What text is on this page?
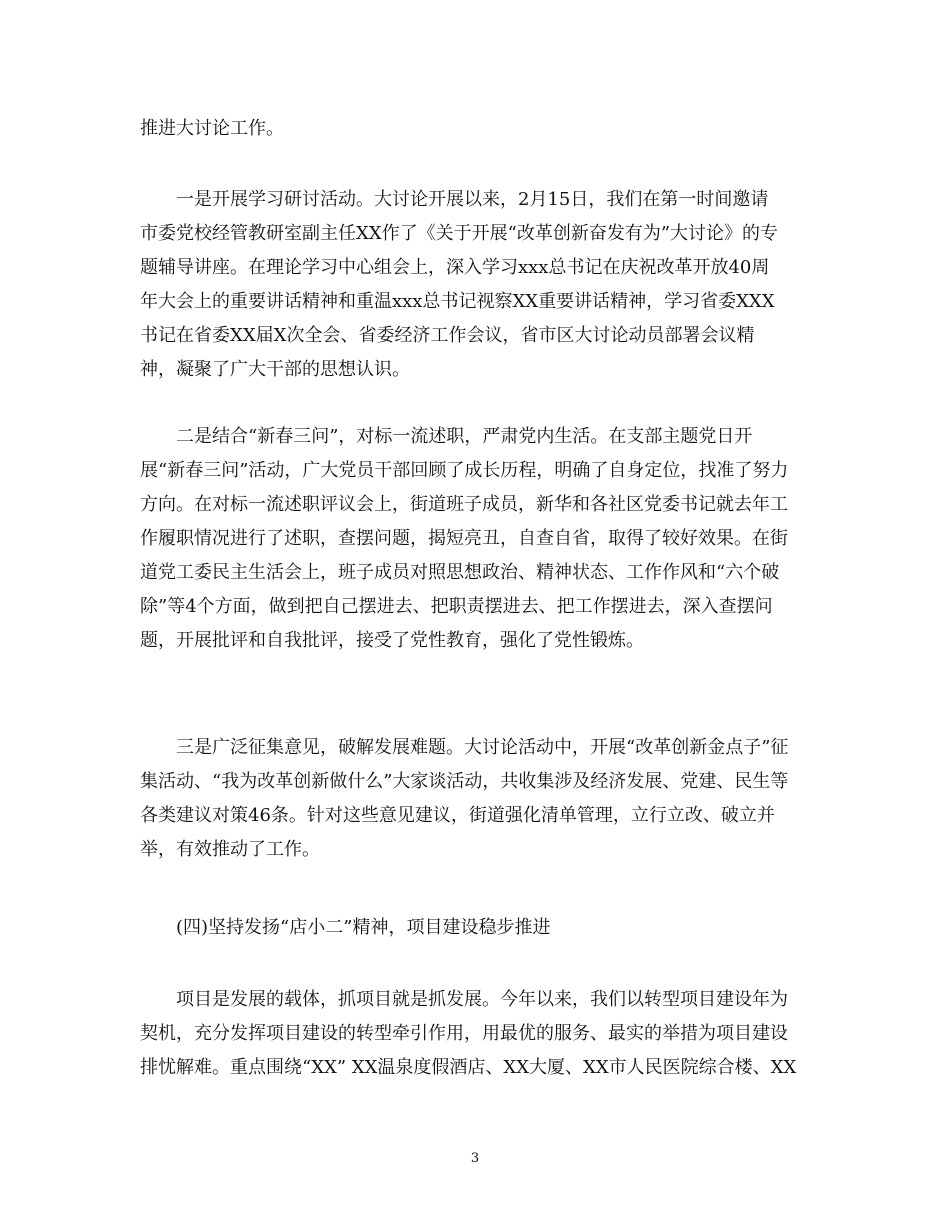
推进大讨论工作。
一是开展学习研讨活动。大讨论开展以来，2月15日，我们在第一时间邀请
市委党校经管教研室副主任XX作了《关于开展“改革创新奋发有为”大讨论》的专
题辅导讲座。在理论学习中心组会上，深入学习xxx总书记在庆祝改革开放40周
年大会上的重要讲话精神和重温xxx总书记视察XX重要讲话精神，学习省委XXX
书记在省委XX届X次全会、省委经济工作会议，省市区大讨论动员部署会议精
神，凝聚了广大干部的思想认识。
二是结合“新春三问”，对标一流述职，严肃党内生活。在支部主题党日开
展“新春三问”活动，广大党员干部回顾了成长历程，明确了自身定位，找准了努力
方向。在对标一流述职评议会上，街道班子成员，新华和各社区党委书记就去年工
作履职情况进行了述职，查摆问题，揭短亮丑，自查自省，取得了较好效果。在街
道党工委民主生活会上，班子成员对照思想政治、精神状态、工作作风和“六个破
除”等4个方面，做到把自己摆进去、把职责摆进去、把工作摆进去，深入查摆问
题，开展批评和自我批评，接受了党性教育，强化了党性锻炼。
三是广泛征集意见，破解发展难题。大讨论活动中，开展“改革创新金点子”征
集活动、“我为改革创新做什么”大家谈活动，共收集涉及经济发展、党建、民生等
各类建议对策46条。针对这些意见建议，街道强化清单管理，立行立改、破立并
举，有效推动了工作。
(四)坚持发扬“店小二”精神，项目建设稳步推进
项目是发展的载体，抓项目就是抓发展。今年以来，我们以转型项目建设年为
契机，充分发挥项目建设的转型牵引作用，用最优的服务、最实的举措为项目建设
排忧解难。重点围绕“XX” XX温泉度假酒店、XX大厦、XX市人民医院综合楼、XX
3
